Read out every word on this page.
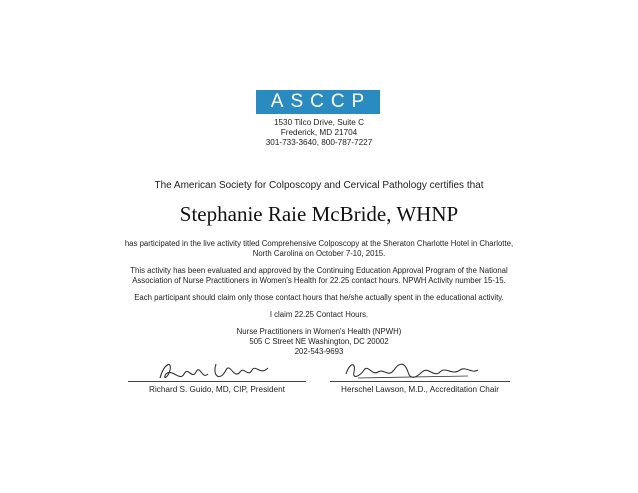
ASCCP
1530 Tilco Drive, Suite C
Frederick, MD 21704
301-733-3640, 800-787-7227
The American Society for Colposcopy and Cervical Pathology certifies that
Stephanie Raie McBride, WHNP
has participated in the live activity titled Comprehensive Colposcopy at the Sheraton Charlotte Hotel in Charlotte,
North Carolina on October 7-10, 2015.
This activity has been evaluated and approved by the Continuing Education Approval Program of the National
Association of Nurse Practitioners in Women's Health for 22.25 contact hours. NPWH Activity number 15-15.
Each participant should claim only those contact hours that he/she actually spent in the educational activity.
I claim 22.25 Contact Hours.
Nurse Practitioners in Women's Health (NPWH)
505 C Street NE Washington, DC 20002
202-543-9693
Richard S. Guido, MD, CIP, President	Herschel Lawson, M.D., Accreditation Chair
